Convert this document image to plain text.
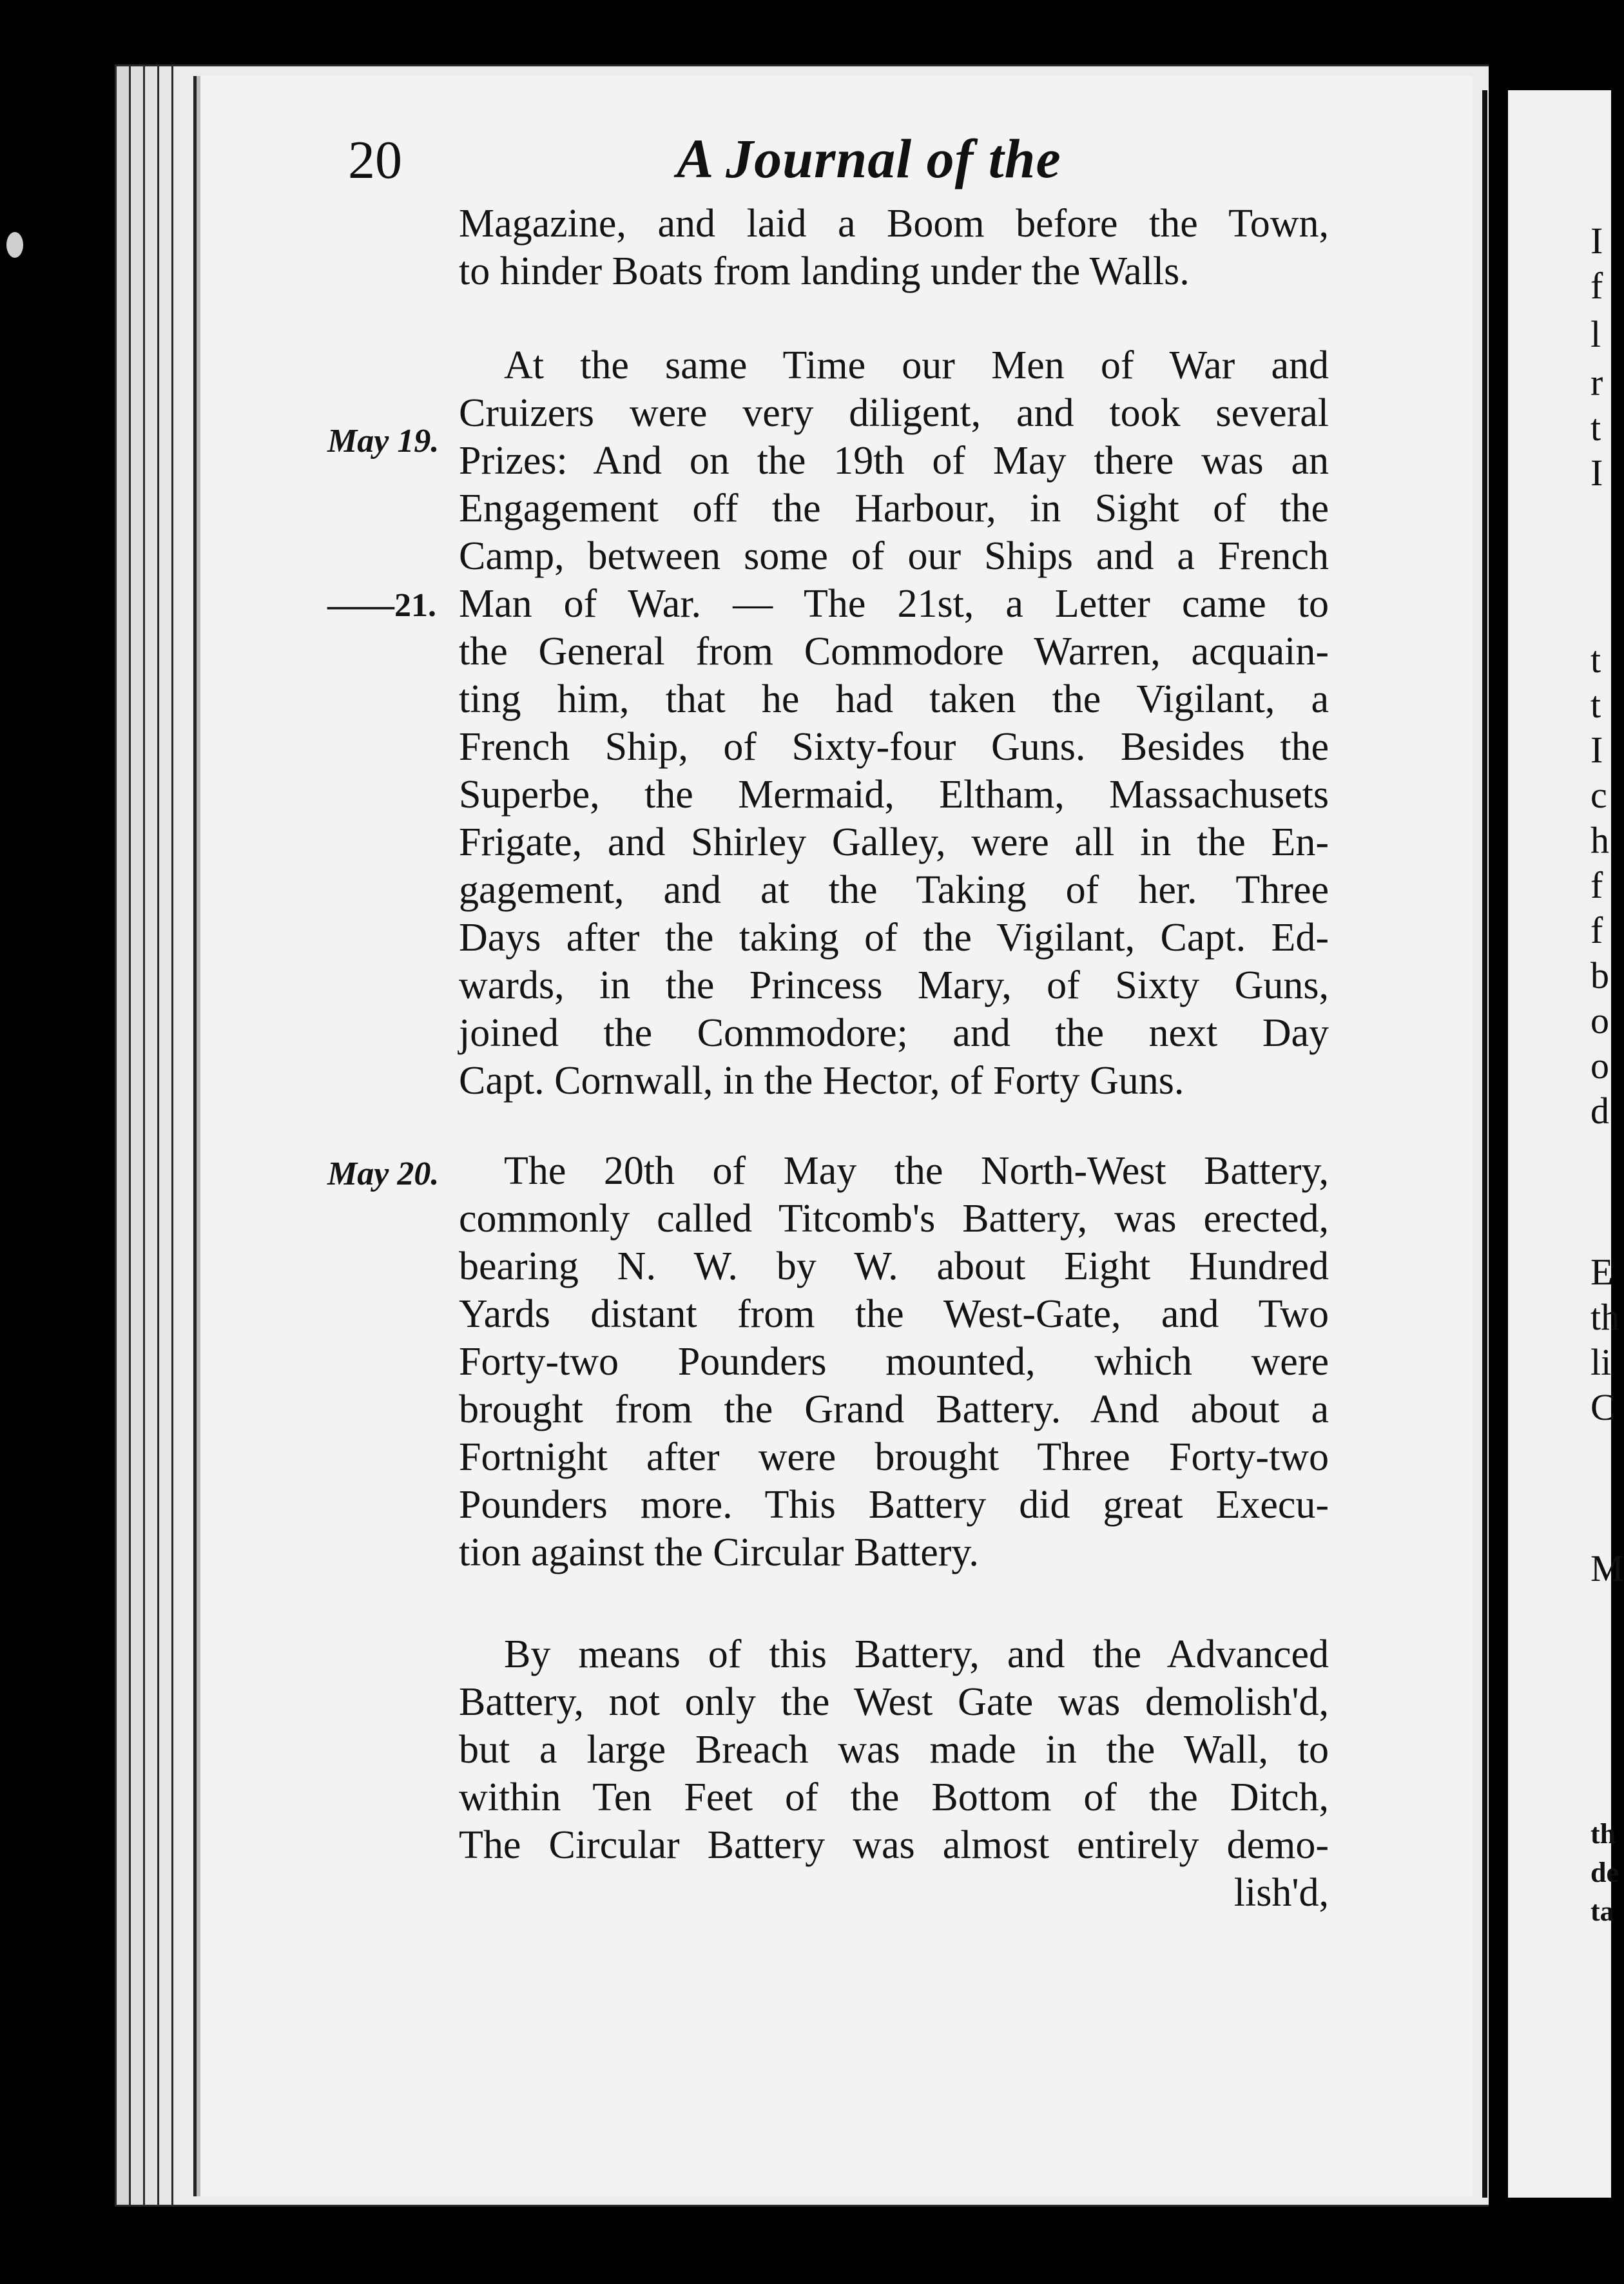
I
f
l
r
t
I
t
t
I
c
h
f
f
b
o
o
d
E
th
li
C
M
th
de
ta
20	A Journal of the
Magazine, and laid a Boom before the Town,
to hinder Boats from landing under the Walls.
At the same Time our Men of War and
Cruizers were very diligent, and took several
Prizes: And on the 19th of May there was an
Engagement off the Harbour, in Sight of the
Camp, between some of our Ships and a French
Man of War. — The 21st, a Letter came to
the General from Commodore Warren, acquain-
ting him, that he had taken the Vigilant, a
French Ship, of Sixty-four Guns. Besides the
Superbe, the Mermaid, Eltham, Massachusets
Frigate, and Shirley Galley, were all in the En-
gagement, and at the Taking of her. Three
Days after the taking of the Vigilant, Capt. Ed-
wards, in the Princess Mary, of Sixty Guns,
joined the Commodore; and the next Day
Capt. Cornwall, in the Hector, of Forty Guns.
The 20th of May the North-West Battery,
commonly called Titcomb's Battery, was erected,
bearing N. W. by W. about Eight Hundred
Yards distant from the West-Gate, and Two
Forty-two Pounders mounted, which were
brought from the Grand Battery. And about a
Fortnight after were brought Three Forty-two
Pounders more. This Battery did great Execu-
tion against the Circular Battery.
By means of this Battery, and the Advanced
Battery, not only the West Gate was demolish'd,
but a large Breach was made in the Wall, to
within Ten Feet of the Bottom of the Ditch,
The Circular Battery was almost entirely demo-
lish'd,
May 19.
——21.
May 20.
